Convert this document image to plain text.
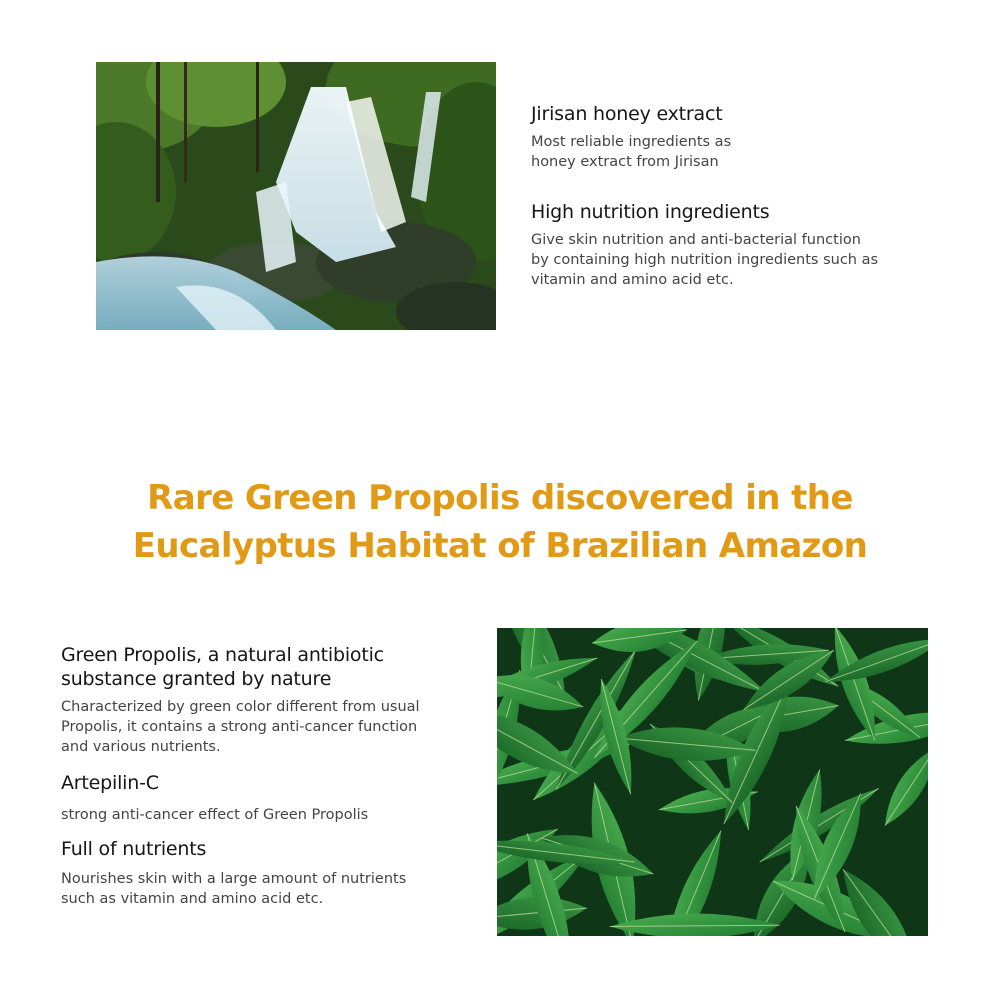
Jirisan honey extract
Most reliable ingredients as
honey extract from Jirisan
High nutrition ingredients
Give skin nutrition and anti-bacterial function
by containing high nutrition ingredients such as
vitamin and amino acid etc.
Rare Green Propolis discovered in the
Eucalyptus Habitat of Brazilian Amazon
Green Propolis, a natural antibiotic
substance granted by nature
Characterized by green color different from usual
Propolis, it contains a strong anti-cancer function
and various nutrients.
Artepilin-C
strong anti-cancer effect of Green Propolis
Full of nutrients
Nourishes skin with a large amount of nutrients
such as vitamin and amino acid etc.
